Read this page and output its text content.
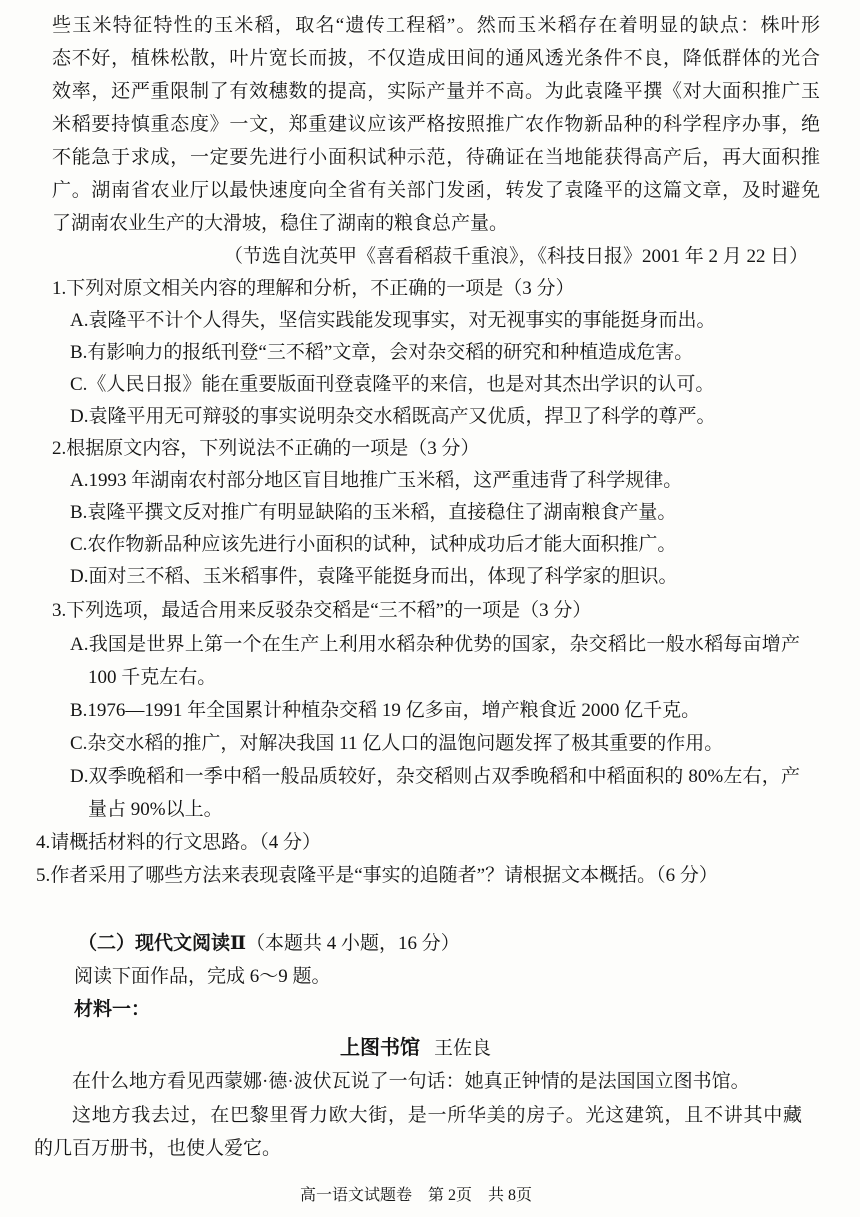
些玉米特征特性的玉米稻，取名“遗传工程稻”。然而玉米稻存在着明显的缺点：株叶形
态不好，植株松散，叶片宽长而披，不仅造成田间的通风透光条件不良，降低群体的光合
效率，还严重限制了有效穗数的提高，实际产量并不高。为此袁隆平撰《对大面积推广玉
米稻要持慎重态度》一文，郑重建议应该严格按照推广农作物新品种的科学程序办事，绝
不能急于求成，一定要先进行小面积试种示范，待确证在当地能获得高产后，再大面积推
广。湖南省农业厅以最快速度向全省有关部门发函，转发了袁隆平的这篇文章，及时避免
了湖南农业生产的大滑坡，稳住了湖南的粮食总产量。
（节选自沈英甲《喜看稻菽千重浪》，《科技日报》2001 年 2 月 22 日）
1.下列对原文相关内容的理解和分析，不正确的一项是（3 分）
A.袁隆平不计个人得失，坚信实践能发现事实，对无视事实的事能挺身而出。
B.有影响力的报纸刊登“三不稻”文章，会对杂交稻的研究和种植造成危害。
C.《人民日报》能在重要版面刊登袁隆平的来信，也是对其杰出学识的认可。
D.袁隆平用无可辩驳的事实说明杂交水稻既高产又优质，捍卫了科学的尊严。
2.根据原文内容，下列说法不正确的一项是（3 分）
A.1993 年湖南农村部分地区盲目地推广玉米稻，这严重违背了科学规律。
B.袁隆平撰文反对推广有明显缺陷的玉米稻，直接稳住了湖南粮食产量。
C.农作物新品种应该先进行小面积的试种，试种成功后才能大面积推广。
D.面对三不稻、玉米稻事件，袁隆平能挺身而出，体现了科学家的胆识。
3.下列选项，最适合用来反驳杂交稻是“三不稻”的一项是（3 分）
A.我国是世界上第一个在生产上利用水稻杂种优势的国家，杂交稻比一般水稻每亩增产
100 千克左右。
B.1976—1991 年全国累计种植杂交稻 19 亿多亩，增产粮食近 2000 亿千克。
C.杂交水稻的推广，对解决我国 11 亿人口的温饱问题发挥了极其重要的作用。
D.双季晚稻和一季中稻一般品质较好，杂交稻则占双季晚稻和中稻面积的 80%左右，产
量占 90%以上。
4.请概括材料的行文思路。（4 分）
5.作者采用了哪些方法来表现袁隆平是“事实的追随者”？请根据文本概括。（6 分）
（二）现代文阅读Ⅱ（本题共 4 小题，16 分）
阅读下面作品，完成 6～9 题。
材料一：
上图书馆 王佐良
在什么地方看见西蒙娜·德·波伏瓦说了一句话：她真正钟情的是法国国立图书馆。
这地方我去过，在巴黎里胥力欧大街，是一所华美的房子。光这建筑，且不讲其中藏
的几百万册书，也使人爱它。
高一语文试题卷　第 2页　共 8页
